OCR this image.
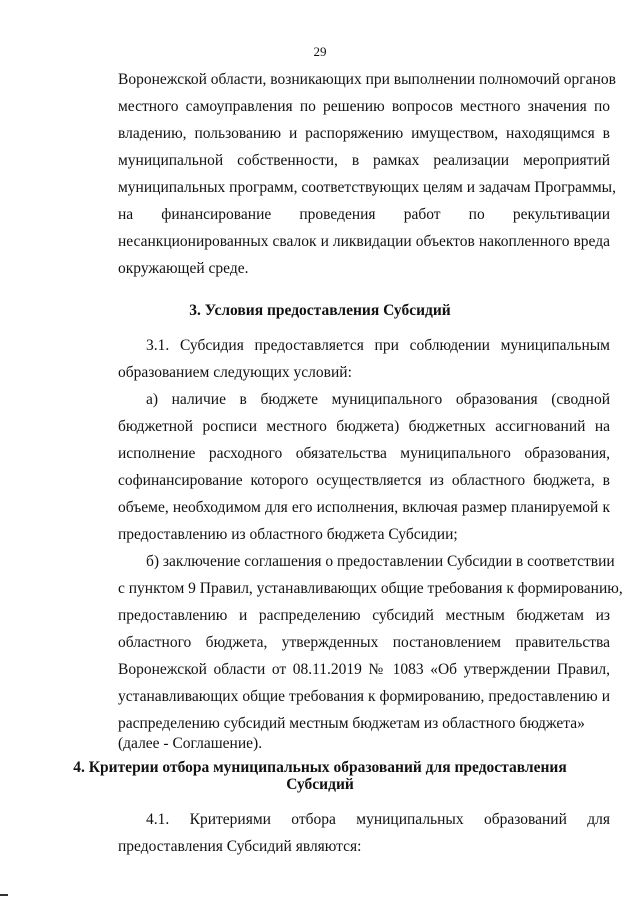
29
Воронежской области, возникающих при выполнении полномочий органов
местного самоуправления по решению вопросов местного значения по
владению, пользованию и распоряжению имуществом, находящимся в
муниципальной собственности, в рамках реализации мероприятий
муниципальных программ, соответствующих целям и задачам Программы,
на финансирование проведения работ по рекультивации
несанкционированных свалок и ликвидации объектов накопленного вреда
окружающей среде.
3. Условия предоставления Субсидий
3.1. Субсидия предоставляется при соблюдении муниципальным
образованием следующих условий:
а) наличие в бюджете муниципального образования (сводной
бюджетной росписи местного бюджета) бюджетных ассигнований на
исполнение расходного обязательства муниципального образования,
софинансирование которого осуществляется из областного бюджета, в
объеме, необходимом для его исполнения, включая размер планируемой к
предоставлению из областного бюджета Субсидии;
б) заключение соглашения о предоставлении Субсидии в соответствии
с пунктом 9 Правил, устанавливающих общие требования к формированию,
предоставлению и распределению субсидий местным бюджетам из
областного бюджета, утвержденных постановлением правительства
Воронежской области от 08.11.2019 № 1083 «Об утверждении Правил,
устанавливающих общие требования к формированию, предоставлению и
распределению субсидий местным бюджетам из областного бюджета»
(далее - Соглашение).
4. Критерии отбора муниципальных образований для предоставления
Субсидий
4.1. Критериями отбора муниципальных образований для
предоставления Субсидий являются:
